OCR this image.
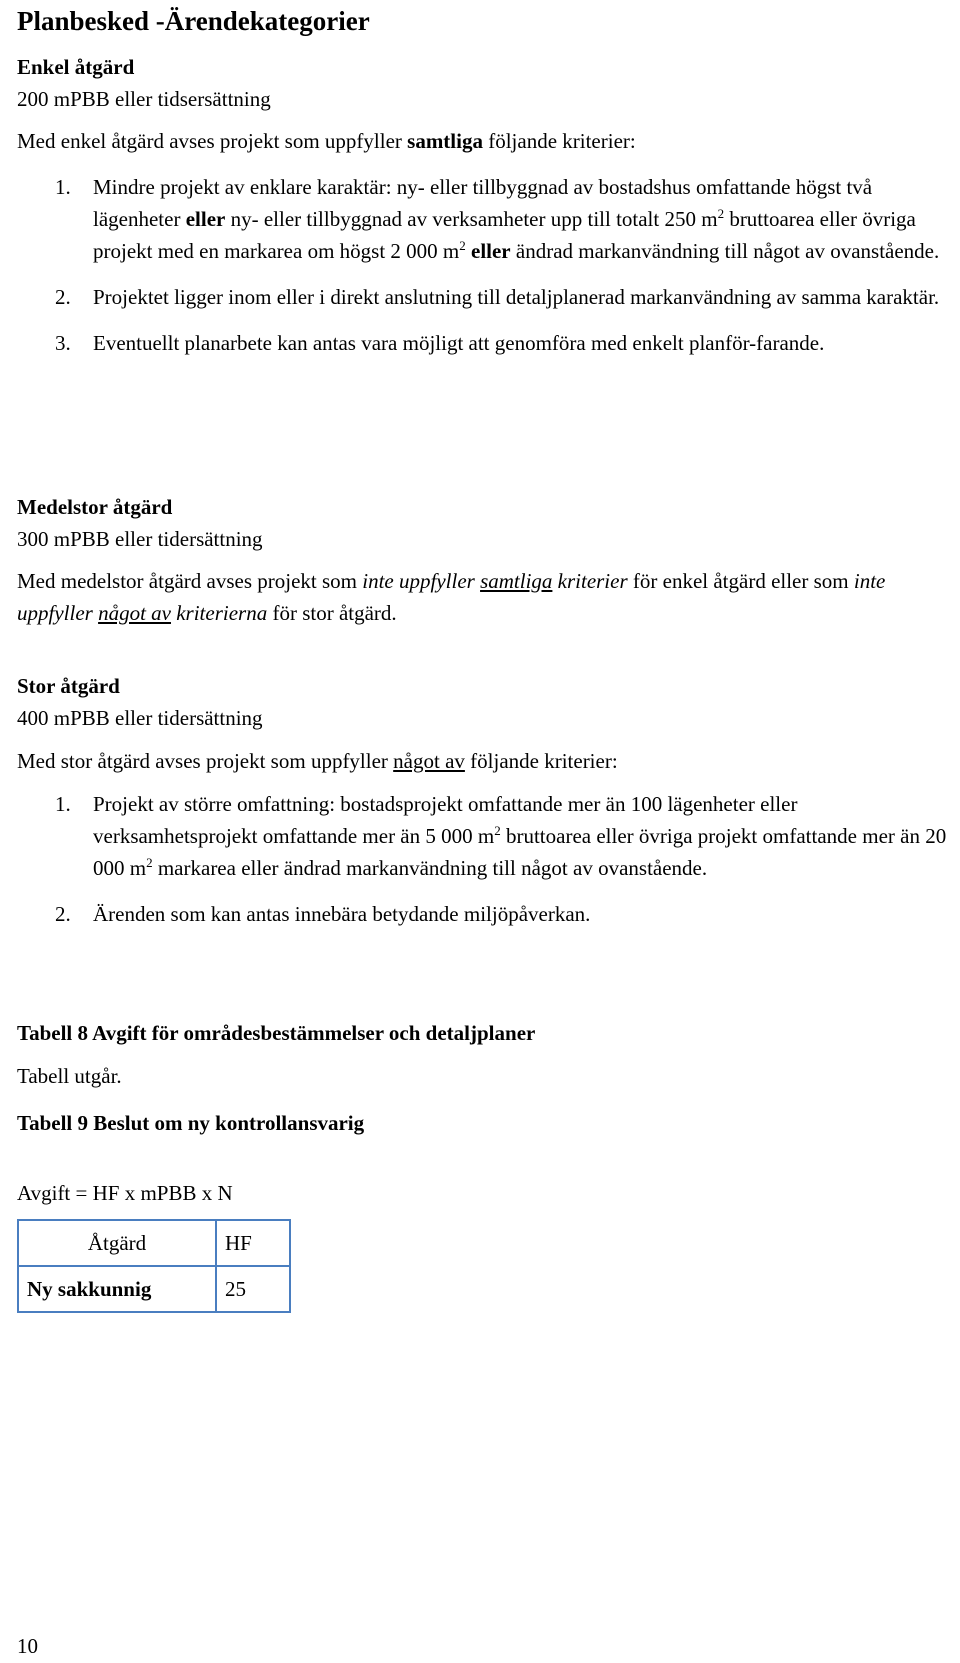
Planbesked -Ärendekategorier
Enkel åtgärd
200 mPBB eller tidsersättning
Med enkel åtgärd avses projekt som uppfyller samtliga följande kriterier:
1. Mindre projekt av enklare karaktär: ny- eller tillbyggnad av bostadshus omfattande högst två lägenheter eller ny- eller tillbyggnad av verksamheter upp till totalt 250 $m^2$ bruttoarea eller övriga projekt med en markarea om högst 2 000 $m^2$ eller ändrad markanvändning till något av ovanstående.
2. Projektet ligger inom eller i direkt anslutning till detaljplanerad markanvändning av samma karaktär.
3. Eventuellt planarbete kan antas vara möjligt att genomföra med enkelt planför-farande.
Medelstor åtgärd
300 mPBB eller tidersättning
Med medelstor åtgärd avses projekt som inte uppfyller samtliga kriterier för enkel åtgärd eller som inte uppfyller något av kriterierna för stor åtgärd.
Stor åtgärd
400 mPBB eller tidersättning
Med stor åtgärd avses projekt som uppfyller något av följande kriterier:
1. Projekt av större omfattning: bostadsprojekt omfattande mer än 100 lägenheter eller verksamhetsprojekt omfattande mer än 5 000 $m^2$ bruttoarea eller övriga projekt omfattande mer än 20 000 $m^2$ markarea eller ändrad markanvändning till något av ovanstående.
2. Ärenden som kan antas innebära betydande miljöpåverkan.
Tabell 8 Avgift för områdesbestämmelser och detaljplaner
Tabell utgår.
Tabell 9 Beslut om ny kontrollansvarig
Avgift = HF x mPBB x N
Åtgärd	HF
Ny sakkunnig	25
10
